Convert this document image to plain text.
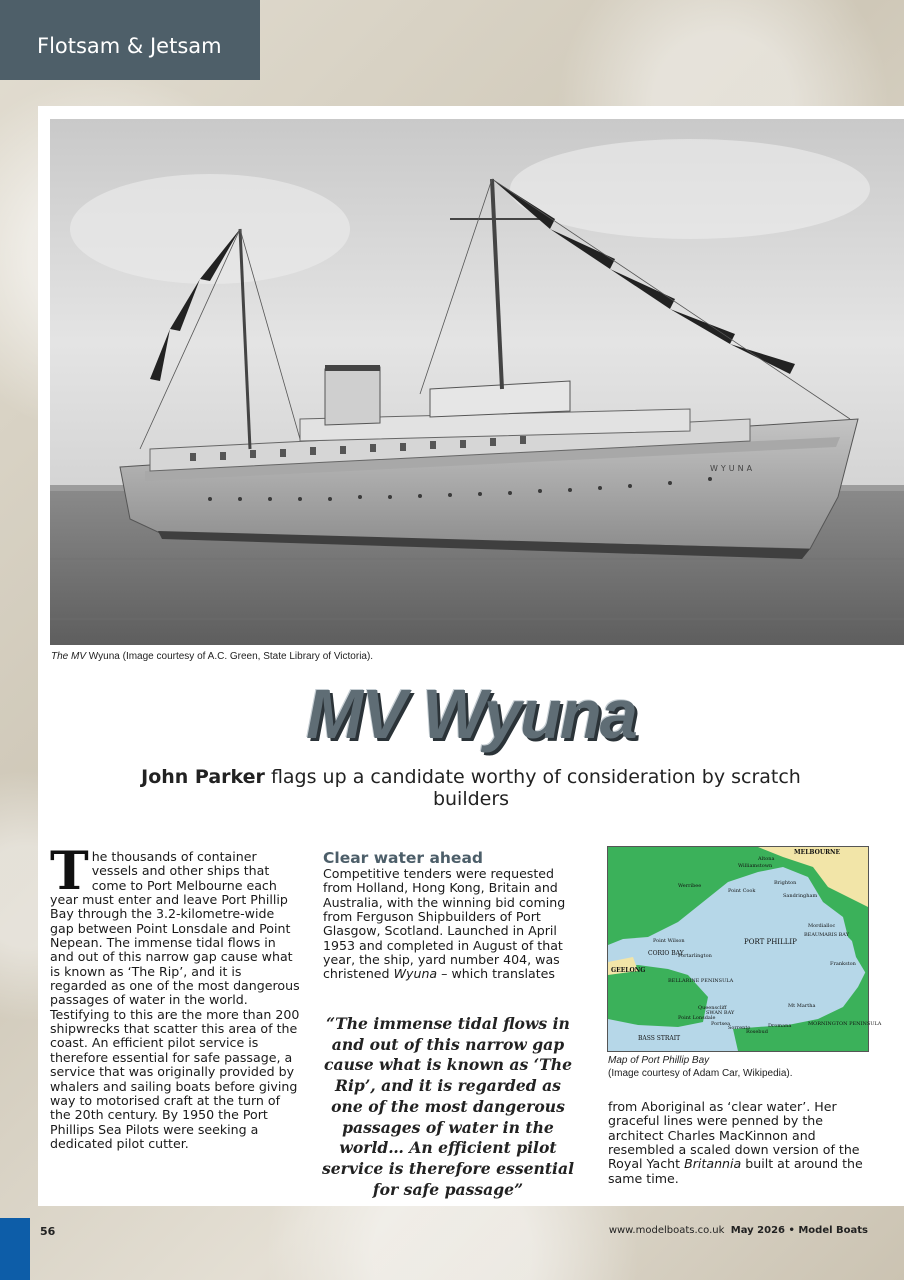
Flotsam & Jetsam
WYUNA
The MV Wyuna (Image courtesy of A.C. Green, State Library of Victoria).
MV Wyuna
John Parker flags up a candidate worthy of consideration by scratch builders
The thousands of container vessels and other ships that come to Port Melbourne each year must enter and leave Port Phillip Bay through the 3.2-kilometre-wide gap between Point Lonsdale and Point Nepean. The immense tidal flows in and out of this narrow gap cause what is known as ‘The Rip’, and it is regarded as one of the most dangerous passages of water in the world. Testifying to this are the more than 200 shipwrecks that scatter this area of the coast. An efficient pilot service is therefore essential for safe passage, a service that was originally provided by whalers and sailing boats before giving way to motorised craft at the turn of the 20th century. By 1950 the Port Phillips Sea Pilots were seeking a dedicated pilot cutter.
Clear water ahead
Competitive tenders were requested from Holland, Hong Kong, Britain and Australia, with the winning bid coming from Ferguson Shipbuilders of Port Glasgow, Scotland. Launched in April 1953 and completed in August of that year, the ship, yard number 404, was christened Wyuna – which translates
“The immense tidal flows in and out of this narrow gap cause what is known as ‘The Rip’, and it is regarded as one of the most dangerous passages of water in the world… An efficient pilot service is therefore essential for safe passage”
MELBOURNE
PORT PHILLIP
CORIO BAY
GEELONG
BASS STRAIT
BELLARINE PENINSULA
MORNINGTON PENINSULA
Williamstown
Werribee	Brighton
Frankston
SWAN BAY
Sorrento
Portsea
Point Lonsdale
Queenscliff
Dromana
Rosebud
Mt Martha
Mordialloc
BEAUMARIS BAY
Point Cook
Portarlington
Point Wilson
Altona
Sandringham
Map of Port Phillip Bay
(Image courtesy of Adam Car, Wikipedia).
from Aboriginal as ‘clear water’. Her graceful lines were penned by the architect Charles MacKinnon and resembled a scaled down version of the Royal Yacht Britannia built at around the same time.
56	www.modelboats.co.uk May 2026 • Model Boats
